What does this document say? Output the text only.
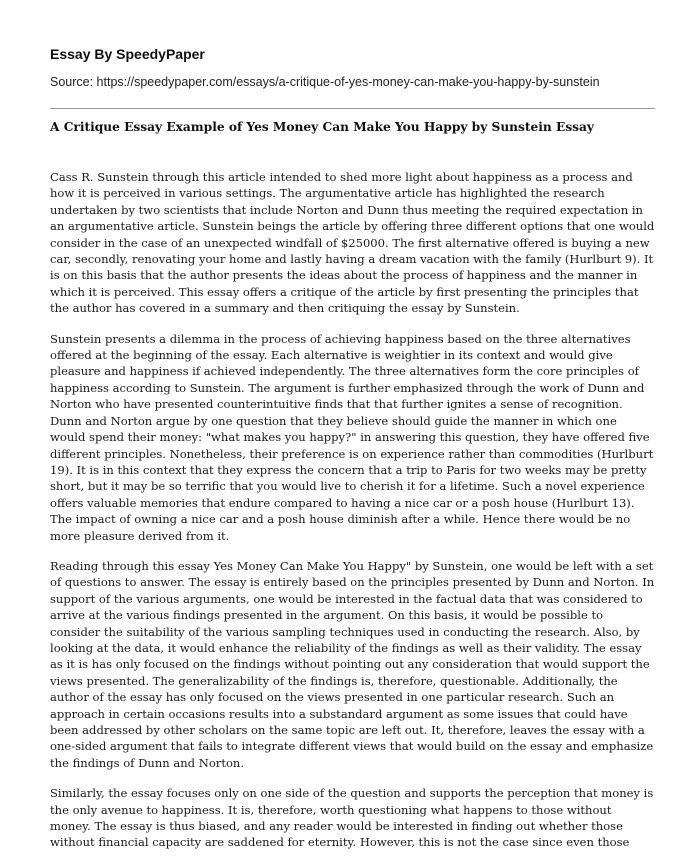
Essay By SpeedyPaper
Source: https://speedypaper.com/essays/a-critique-of-yes-money-can-make-you-happy-by-sunstein
A Critique Essay Example of Yes Money Can Make You Happy by Sunstein Essay

Cass R. Sunstein through this article intended to shed more light about happiness as a process and how it is perceived in various settings. The argumentative article has highlighted the research undertaken by two scientists that include Norton and Dunn thus meeting the required expectation in an argumentative article. Sunstein beings the article by offering three different options that one would consider in the case of an unexpected windfall of $25000. The first alternative offered is buying a new car, secondly, renovating your home and lastly having a dream vacation with the family (Hurlburt 9). It is on this basis that the author presents the ideas about the process of happiness and the manner in which it is perceived. This essay offers a critique of the article by first presenting the principles that the author has covered in a summary and then critiquing the essay by Sunstein.

Sunstein presents a dilemma in the process of achieving happiness based on the three alternatives offered at the beginning of the essay. Each alternative is weightier in its context and would give pleasure and happiness if achieved independently. The three alternatives form the core principles of happiness according to Sunstein. The argument is further emphasized through the work of Dunn and Norton who have presented counterintuitive finds that that further ignites a sense of recognition. Dunn and Norton argue by one question that they believe should guide the manner in which one would spend their money: "what makes you happy?" in answering this question, they have offered five different principles. Nonetheless, their preference is on experience rather than commodities (Hurlburt 19). It is in this context that they express the concern that a trip to Paris for two weeks may be pretty short, but it may be so terrific that you would live to cherish it for a lifetime. Such a novel experience offers valuable memories that endure compared to having a nice car or a posh house (Hurlburt 13). The impact of owning a nice car and a posh house diminish after a while. Hence there would be no more pleasure derived from it.

Reading through this essay Yes Money Can Make You Happy" by Sunstein, one would be left with a set of questions to answer. The essay is entirely based on the principles presented by Dunn and Norton. In support of the various arguments, one would be interested in the factual data that was considered to arrive at the various findings presented in the argument. On this basis, it would be possible to consider the suitability of the various sampling techniques used in conducting the research. Also, by looking at the data, it would enhance the reliability of the findings as well as their validity. The essay as it is has only focused on the findings without pointing out any consideration that would support the views presented. The generalizability of the findings is, therefore, questionable. Additionally, the author of the essay has only focused on the views presented in one particular research. Such an approach in certain occasions results into a substandard argument as some issues that could have been addressed by other scholars on the same topic are left out. It, therefore, leaves the essay with a one-sided argument that fails to integrate different views that would build on the essay and emphasize the findings of Dunn and Norton.

Similarly, the essay focuses only on one side of the question and supports the perception that money is the only avenue to happiness. It is, therefore, worth questioning what happens to those without money. The essay is thus biased, and any reader would be interested in finding out whether those without financial capacity are saddened for eternity. However, this is not the case since even those
